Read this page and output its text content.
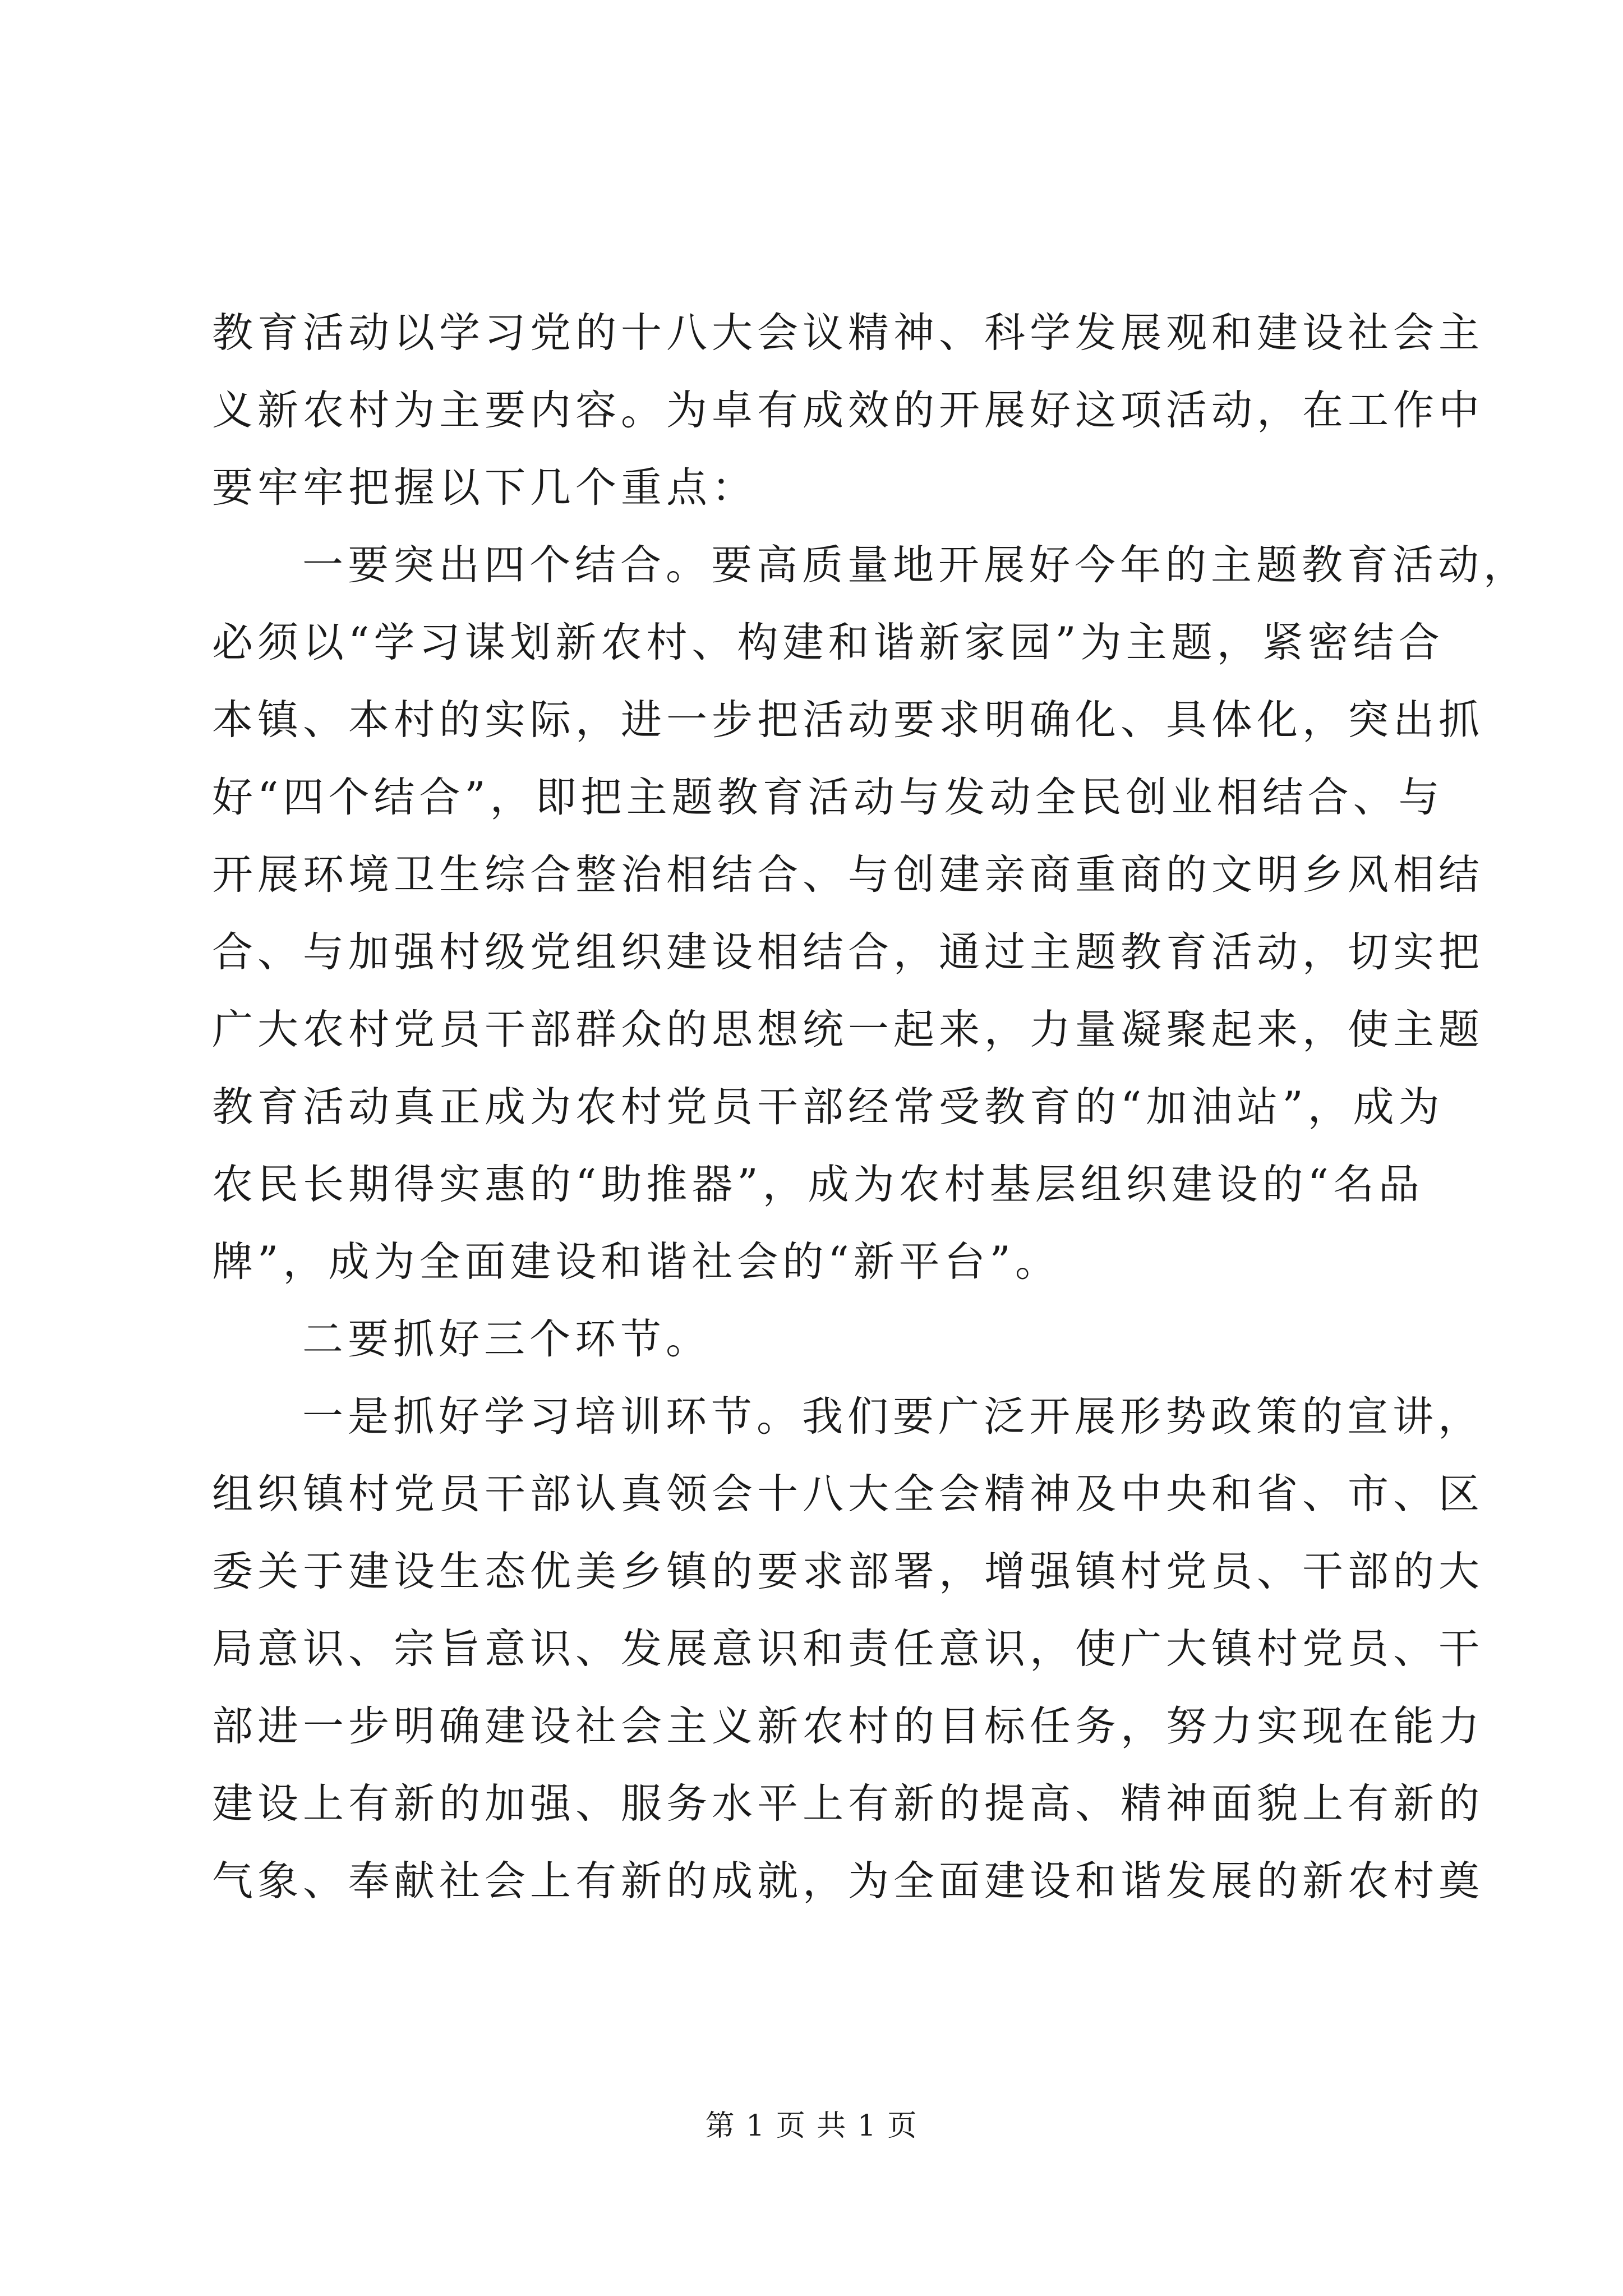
教育活动以学习党的十八大会议精神、科学发展观和建设社会主
义新农村为主要内容。为卓有成效的开展好这项活动，在工作中
要牢牢把握以下几个重点：
一要突出四个结合。要高质量地开展好今年的主题教育活动，
必须以“学习谋划新农村、构建和谐新家园”为主题，紧密结合
本镇、本村的实际，进一步把活动要求明确化、具体化，突出抓
好“四个结合”，即把主题教育活动与发动全民创业相结合、与
开展环境卫生综合整治相结合、与创建亲商重商的文明乡风相结
合、与加强村级党组织建设相结合，通过主题教育活动，切实把
广大农村党员干部群众的思想统一起来，力量凝聚起来，使主题
教育活动真正成为农村党员干部经常受教育的“加油站”，成为
农民长期得实惠的“助推器”，成为农村基层组织建设的“名品
牌”，成为全面建设和谐社会的“新平台”。
二要抓好三个环节。
一是抓好学习培训环节。我们要广泛开展形势政策的宣讲，
组织镇村党员干部认真领会十八大全会精神及中央和省、市、区
委关于建设生态优美乡镇的要求部署，增强镇村党员、干部的大
局意识、宗旨意识、发展意识和责任意识，使广大镇村党员、干
部进一步明确建设社会主义新农村的目标任务，努力实现在能力
建设上有新的加强、服务水平上有新的提高、精神面貌上有新的
气象、奉献社会上有新的成就，为全面建设和谐发展的新农村奠
第 1 页 共 1 页
